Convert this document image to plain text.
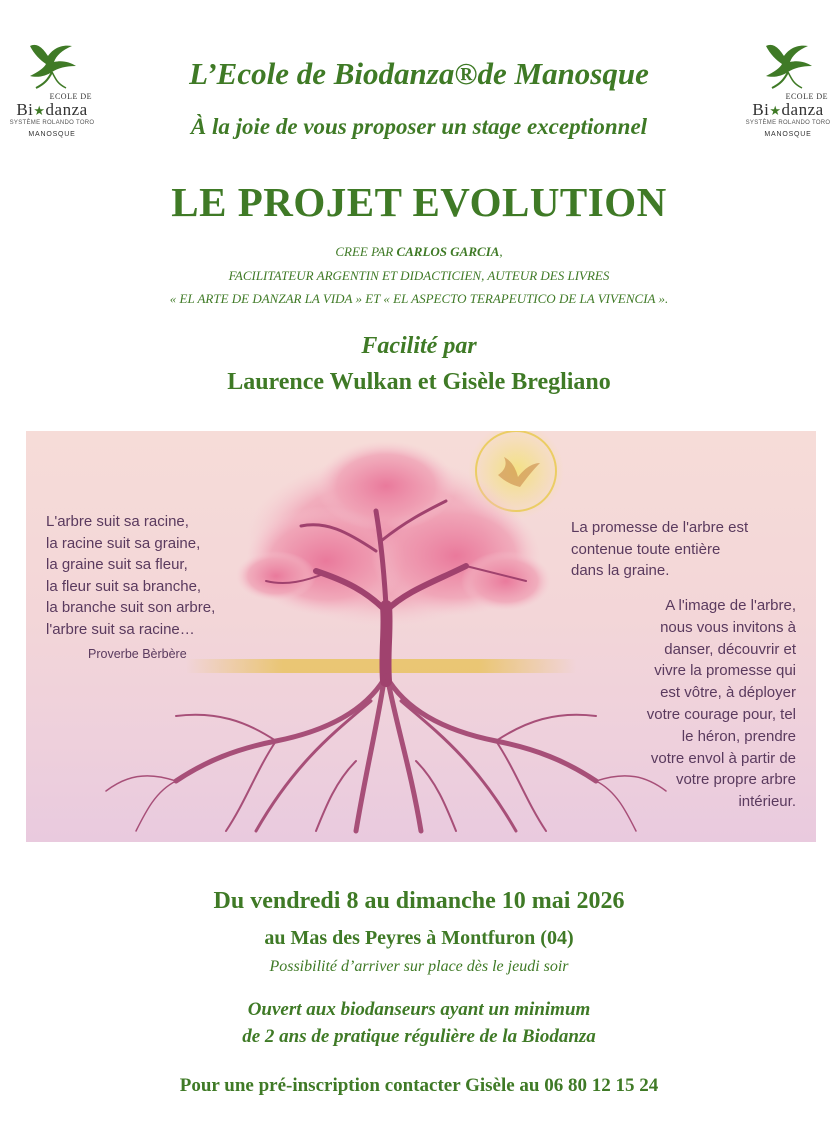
ECOLE DE
Bi★danza
SYSTÈME ROLANDO TORO
MANOSQUE
ECOLE DE
Bi★danza
SYSTÈME ROLANDO TORO
MANOSQUE
L’Ecole de Biodanza®de Manosque
À la joie de vous proposer un stage exceptionnel
LE PROJET EVOLUTION
CREE PAR CARLOS GARCIA,
FACILITATEUR ARGENTIN ET DIDACTICIEN, AUTEUR DES LIVRES
« EL ARTE DE DANZAR LA VIDA » ET « EL ASPECTO TERAPEUTICO DE LA VIVENCIA ».
Facilité par
Laurence Wulkan et Gisèle Bregliano
L'arbre suit sa racine,
la racine suit sa graine,
la graine suit sa fleur,
la fleur suit sa branche,
la branche suit son arbre,
l'arbre suit sa racine…
Proverbe Bèrbère
La promesse de l'arbre est
contenue toute entière
dans la graine.
A l'image de l'arbre,
nous vous invitons à
danser, découvrir et
vivre la promesse qui
est vôtre, à déployer
votre courage pour, tel
le héron, prendre
votre envol à partir de
votre propre arbre
intérieur.
Du vendredi 8 au dimanche 10 mai 2026
au Mas des Peyres à Montfuron (04)
Possibilité d’arriver sur place dès le jeudi soir
Ouvert aux biodanseurs ayant un minimum
de 2 ans de pratique régulière de la Biodanza
Pour une pré-inscription contacter Gisèle au 06 80 12 15 24
